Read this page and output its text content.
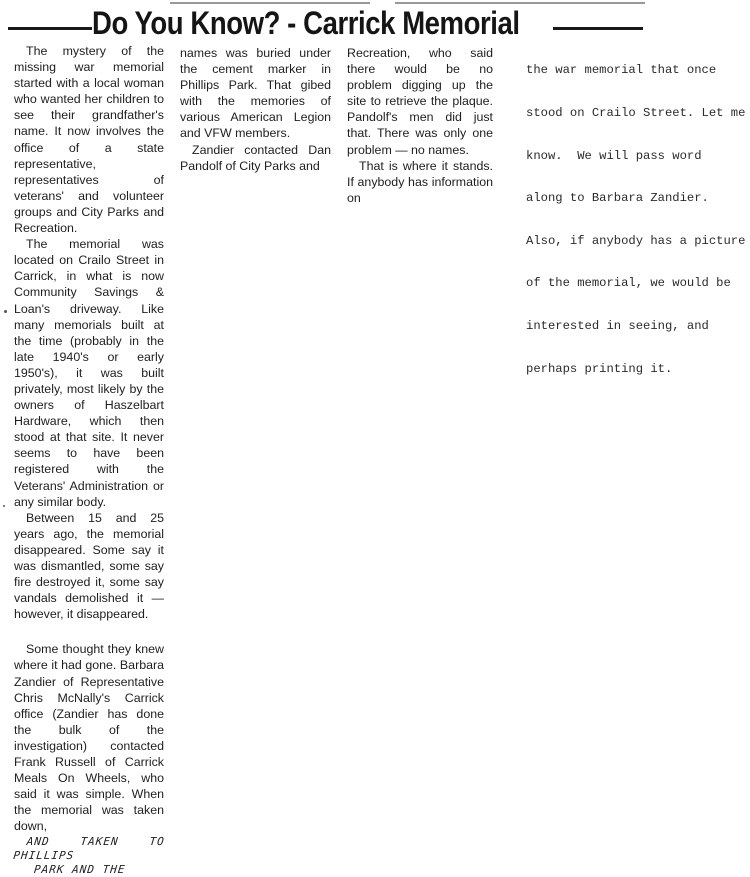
Do You Know? - Carrick Memorial

The mystery of the missing war memorial started with a local woman who wanted her children to see their grandfather's name. It now involves the office of a state representative, representatives of veterans' and volunteer groups and City Parks and Recreation.

The memorial was located on Crailo Street in Carrick, in what is now Community Savings & Loan's driveway. Like many memorials built at the time (probably in the late 1940's or early 1950's), it was built privately, most likely by the owners of Haszelbart Hardware, which then stood at that site. It never seems to have been registered with the Veterans' Administration or any similar body.

Between 15 and 25 years ago, the memorial disappeared. Some say it was dismantled, some say fire destroyed it, some say vandals demolished it — however, it disappeared.

Some thought they knew where it had gone. Barbara Zandier of Representative Chris McNally's Carrick office (Zandier has done the bulk of the investigation) contacted Frank Russell of Carrick Meals On Wheels, who said it was simple. When the memorial was taken down,

AND TAKEN TO PHILLIPS

PARK AND THE

names was buried under the cement marker in Phillips Park. That gibed with the memories of various American Legion and VFW members.

Zandier contacted Dan Pandolf of City Parks and

Recreation, who said there would be no problem digging up the site to retrieve the plaque. Pandolf's men did just that. There was only one problem — no names.

That is where it stands. If anybody has information on

the war memorial that once

stood on Crailo Street. Let me

know.  We will pass word

along to Barbara Zandier.

Also, if anybody has a picture

of the memorial, we would be

interested in seeing, and

perhaps printing it.
